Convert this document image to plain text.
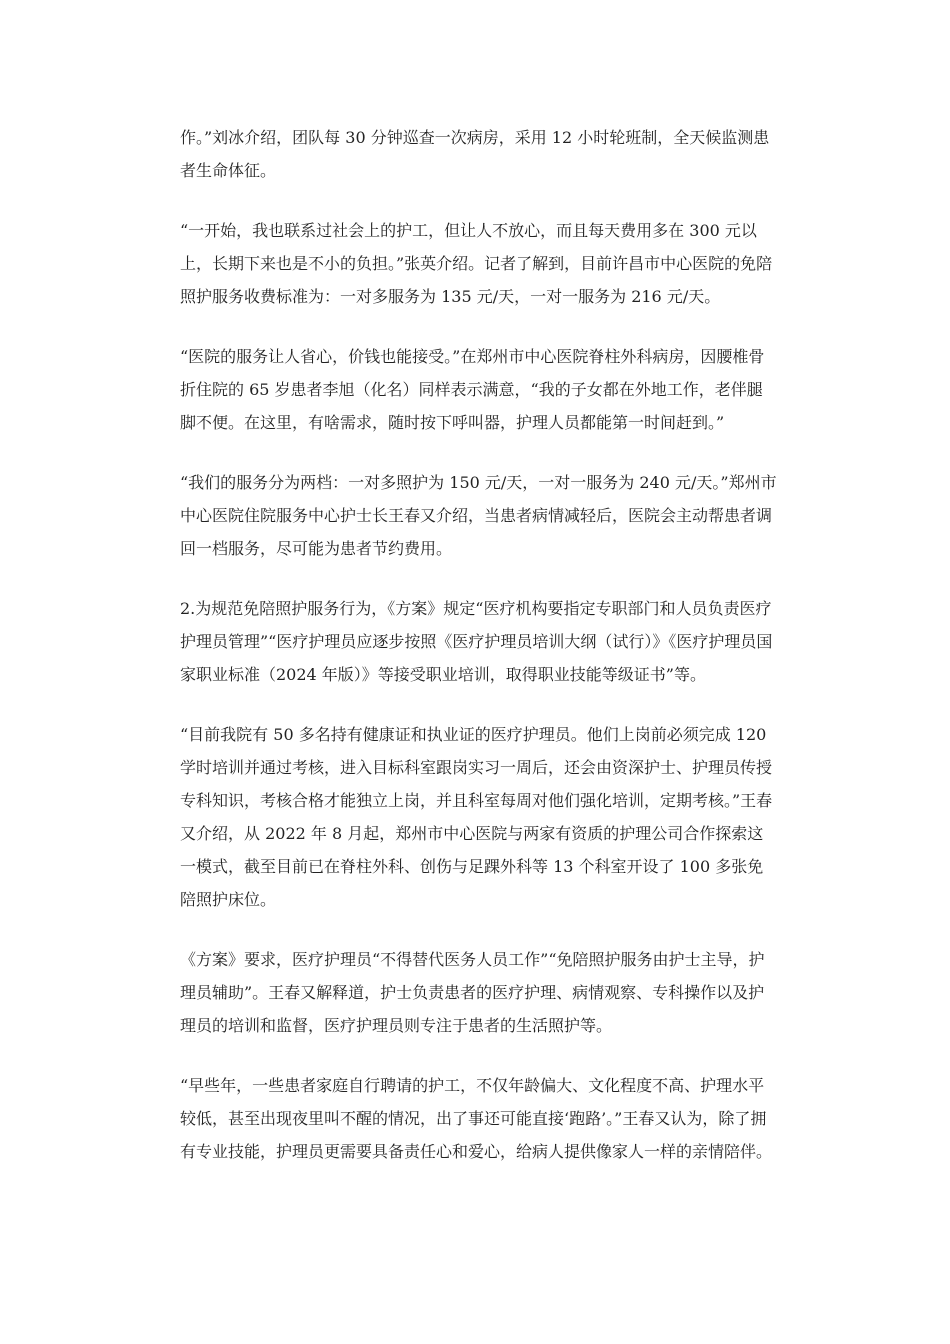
作。”刘冰介绍，团队每 30 分钟巡查一次病房，采用 12 小时轮班制，全天候监测患者生命体征。

“一开始，我也联系过社会上的护工，但让人不放心，而且每天费用多在 300 元以上，长期下来也是不小的负担。”张英介绍。记者了解到，目前许昌市中心医院的免陪照护服务收费标准为：一对多服务为 135 元/天，一对一服务为 216 元/天。

“医院的服务让人省心，价钱也能接受。”在郑州市中心医院脊柱外科病房，因腰椎骨折住院的 65 岁患者李旭（化名）同样表示满意，“我的子女都在外地工作，老伴腿脚不便。在这里，有啥需求，随时按下呼叫器，护理人员都能第一时间赶到。”

“我们的服务分为两档：一对多照护为 150 元/天，一对一服务为 240 元/天。”郑州市中心医院住院服务中心护士长王春又介绍，当患者病情减轻后，医院会主动帮患者调回一档服务，尽可能为患者节约费用。

2.为规范免陪照护服务行为，《方案》规定“医疗机构要指定专职部门和人员负责医疗护理员管理”“医疗护理员应逐步按照《医疗护理员培训大纲（试行）》《医疗护理员国家职业标准（2024 年版）》等接受职业培训，取得职业技能等级证书”等。

“目前我院有 50 多名持有健康证和执业证的医疗护理员。他们上岗前必须完成 120 学时培训并通过考核，进入目标科室跟岗实习一周后，还会由资深护士、护理员传授专科知识，考核合格才能独立上岗，并且科室每周对他们强化培训，定期考核。”王春又介绍，从 2022 年 8 月起，郑州市中心医院与两家有资质的护理公司合作探索这一模式，截至目前已在脊柱外科、创伤与足踝外科等 13 个科室开设了 100 多张免陪照护床位。

《方案》要求，医疗护理员“不得替代医务人员工作”“免陪照护服务由护士主导，护理员辅助”。王春又解释道，护士负责患者的医疗护理、病情观察、专科操作以及护理员的培训和监督，医疗护理员则专注于患者的生活照护等。

“早些年，一些患者家庭自行聘请的护工，不仅年龄偏大、文化程度不高、护理水平较低，甚至出现夜里叫不醒的情况，出了事还可能直接‘跑路’。”王春又认为，除了拥有专业技能，护理员更需要具备责任心和爱心，给病人提供像家人一样的亲情陪伴。
